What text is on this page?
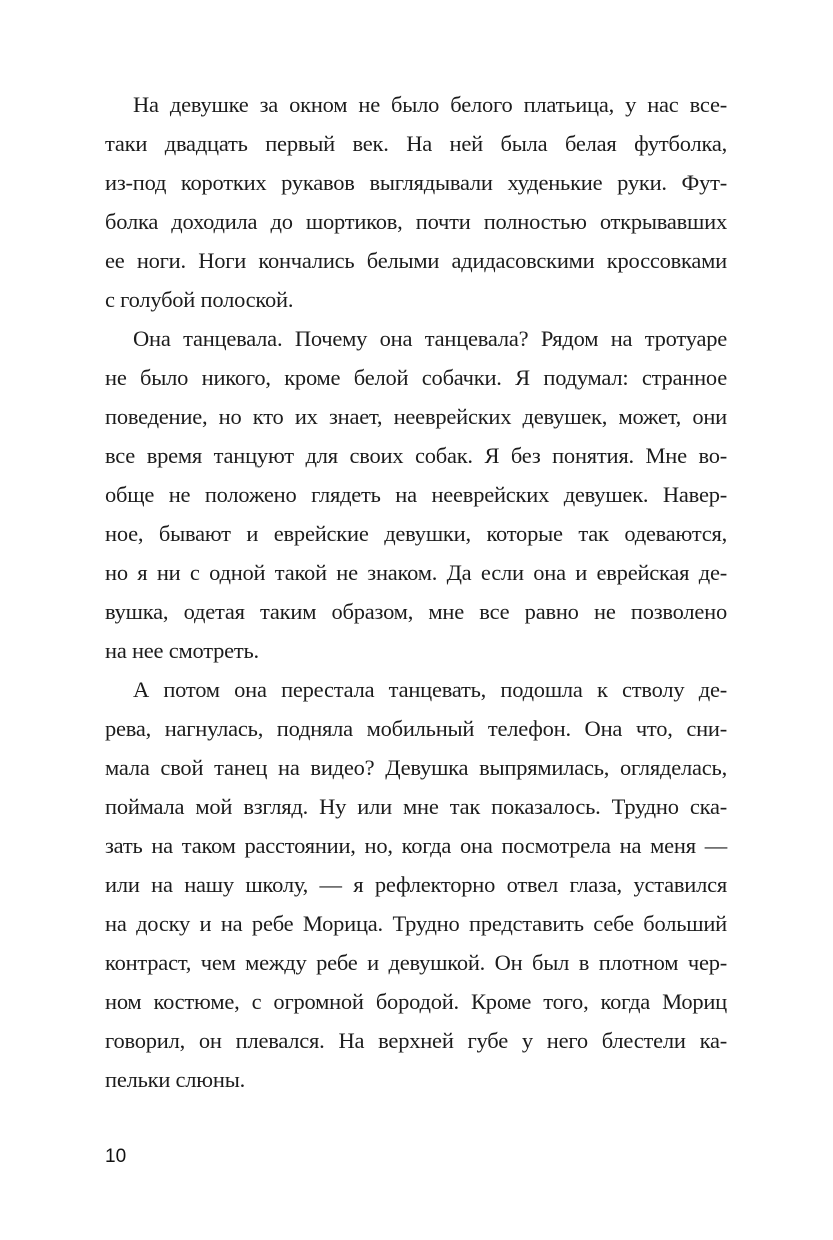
На девушке за окном не было белого платьица, у нас все-
таки двадцать первый век. На ней была белая футболка,
из-под коротких рукавов выглядывали худенькие руки. Фут-
болка доходила до шортиков, почти полностью открывавших
ее ноги. Ноги кончались белыми адидасовскими кроссовками
с голубой полоской.

Она танцевала. Почему она танцевала? Рядом на тротуаре
не было никого, кроме белой собачки. Я подумал: странное
поведение, но кто их знает, нееврейских девушек, может, они
все время танцуют для своих собак. Я без понятия. Мне во-
обще не положено глядеть на нееврейских девушек. Навер-
ное, бывают и еврейские девушки, которые так одеваются,
но я ни с одной такой не знаком. Да если она и еврейская де-
вушка, одетая таким образом, мне все равно не позволено
на нее смотреть.

А потом она перестала танцевать, подошла к стволу де-
рева, нагнулась, подняла мобильный телефон. Она что, сни-
мала свой танец на видео? Девушка выпрямилась, огляделась,
поймала мой взгляд. Ну или мне так показалось. Трудно ска-
зать на таком расстоянии, но, когда она посмотрела на меня —
или на нашу школу, — я рефлекторно отвел глаза, уставился
на доску и на ребе Морица. Трудно представить себе больший
контраст, чем между ребе и девушкой. Он был в плотном чер-
ном костюме, с огромной бородой. Кроме того, когда Мориц
говорил, он плевался. На верхней губе у него блестели ка-
пельки слюны.

10
